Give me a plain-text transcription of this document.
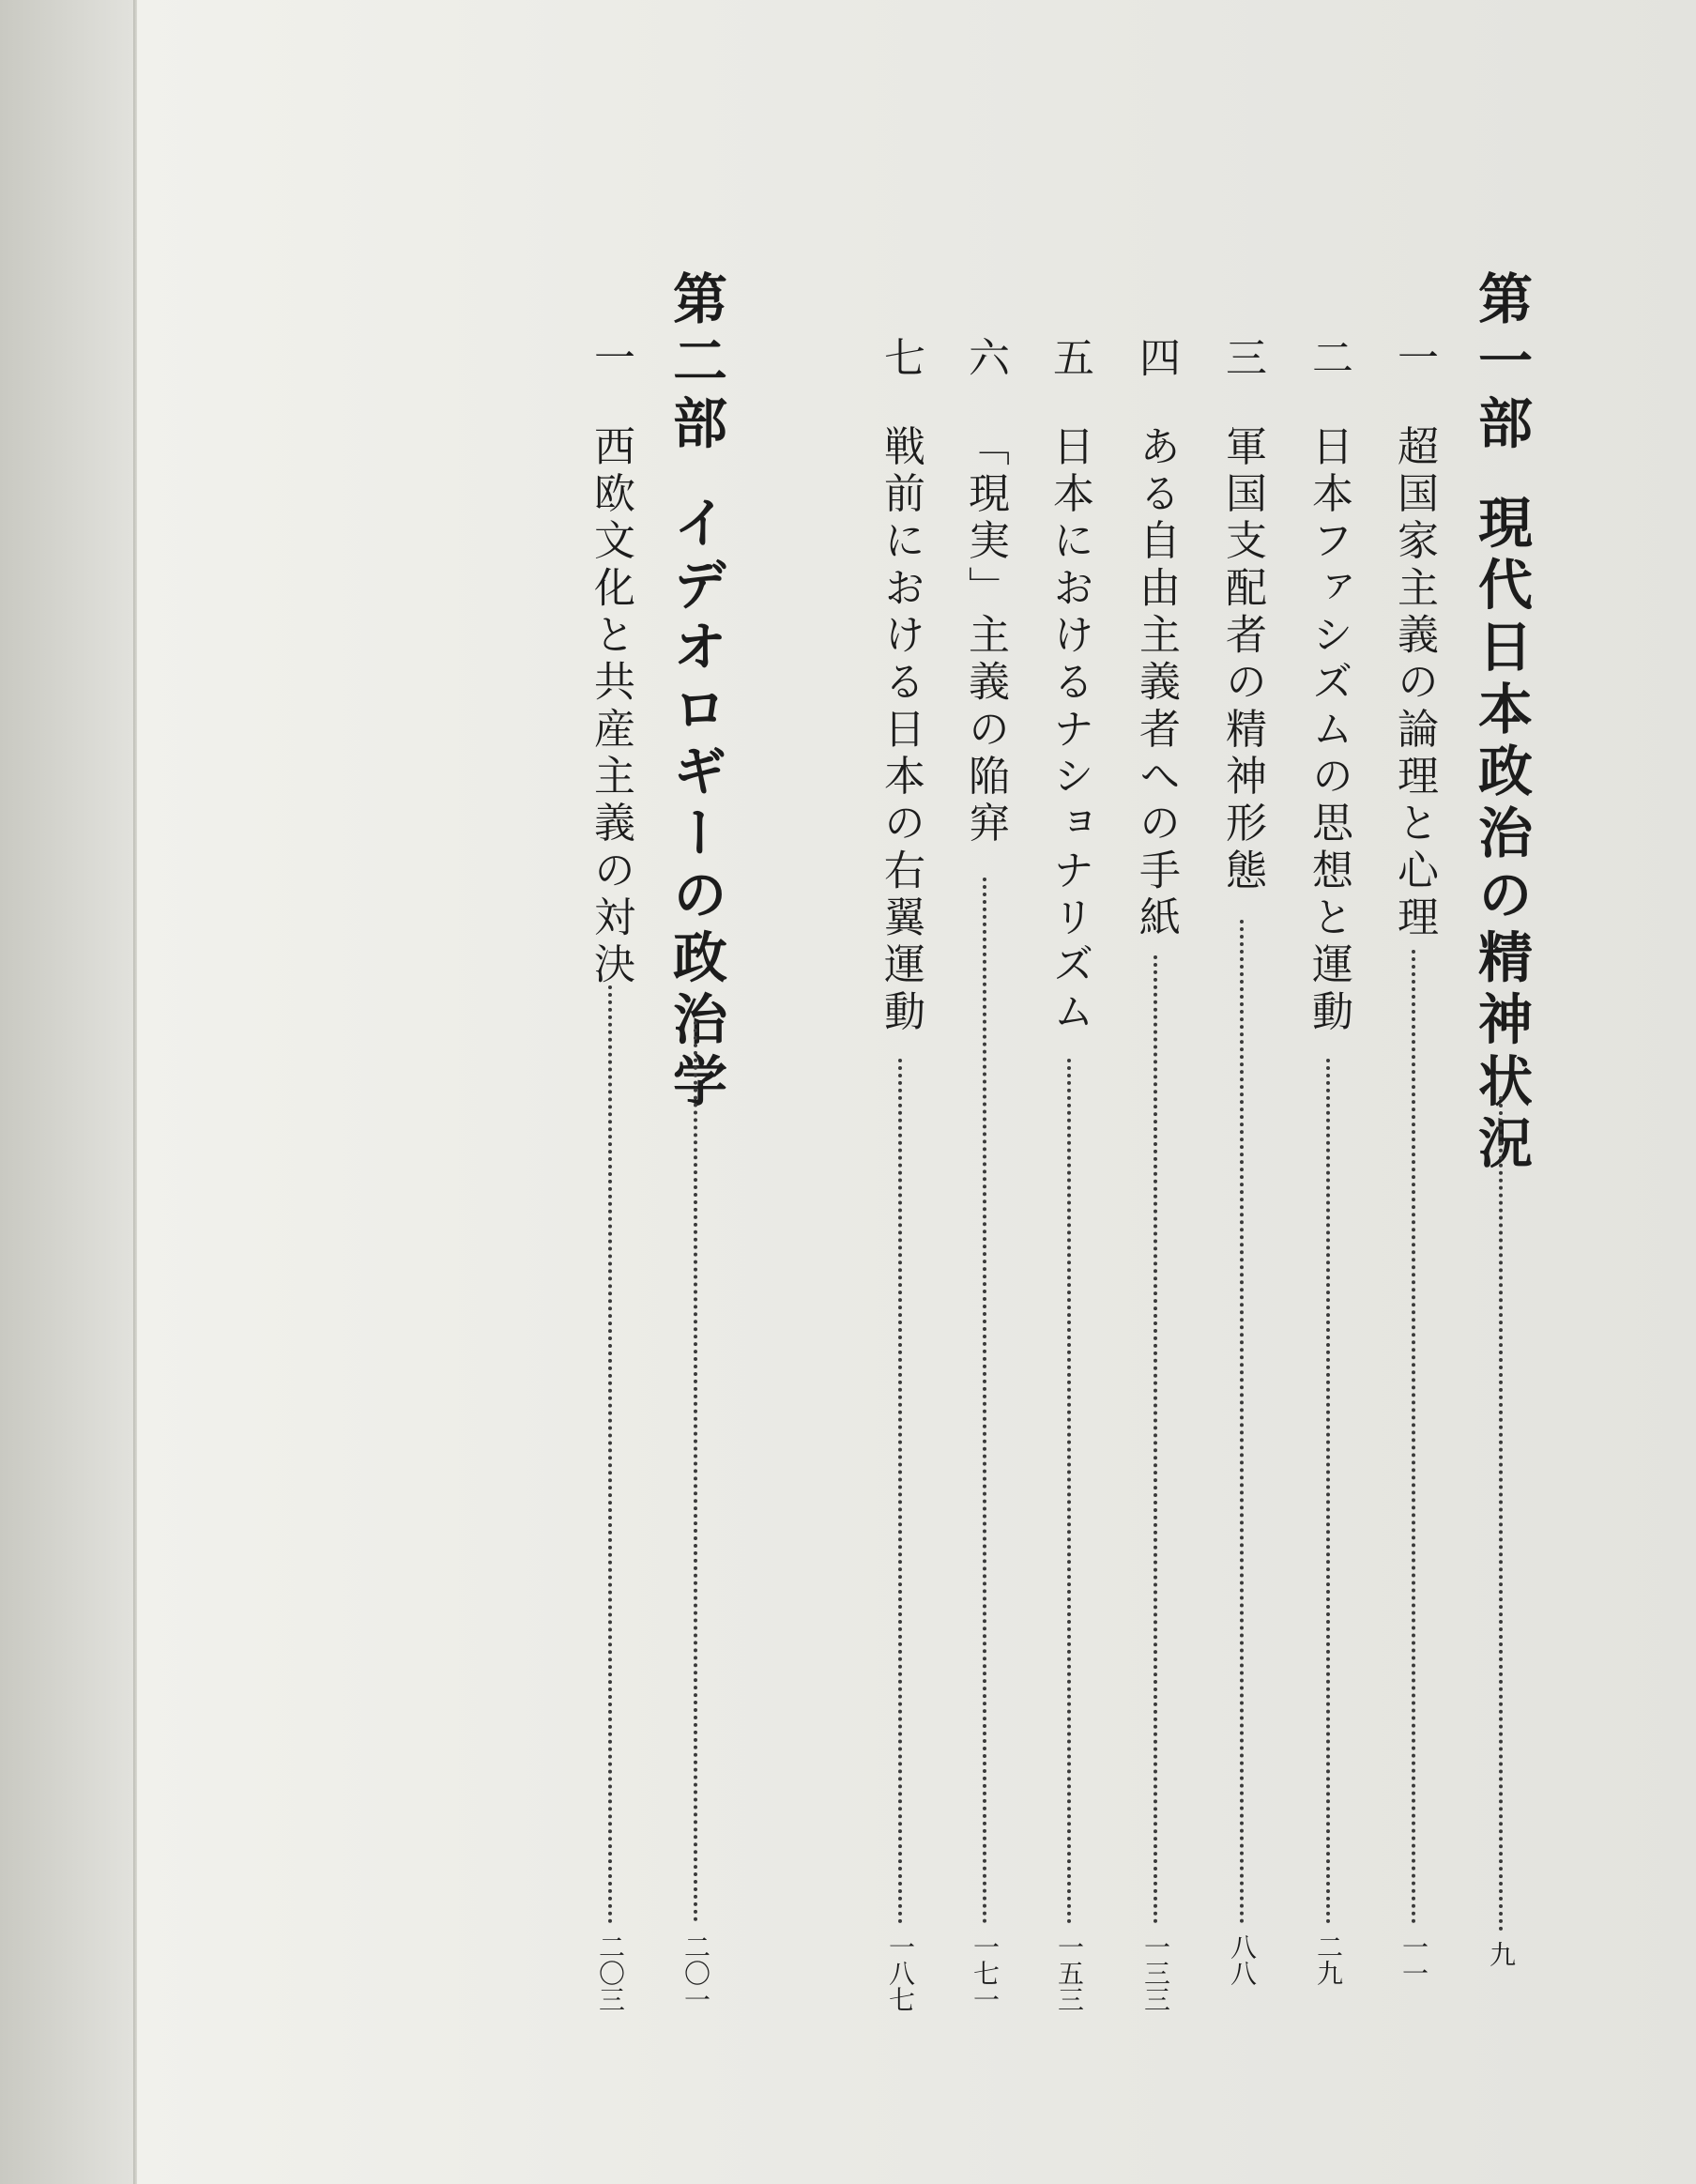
第一部現代日本政治の精神状況
九
一超国家主義の論理と心理
一一
二日本ファシズムの思想と運動
二九
三軍国支配者の精神形態
八八
四ある自由主義者への手紙
一三三
五日本におけるナショナリズム
一五三
六「現実」主義の陥穽
一七一
七戦前における日本の右翼運動
一八七
第二部イデオロギーの政治学
二〇一
一西欧文化と共産主義の対決
二〇三
